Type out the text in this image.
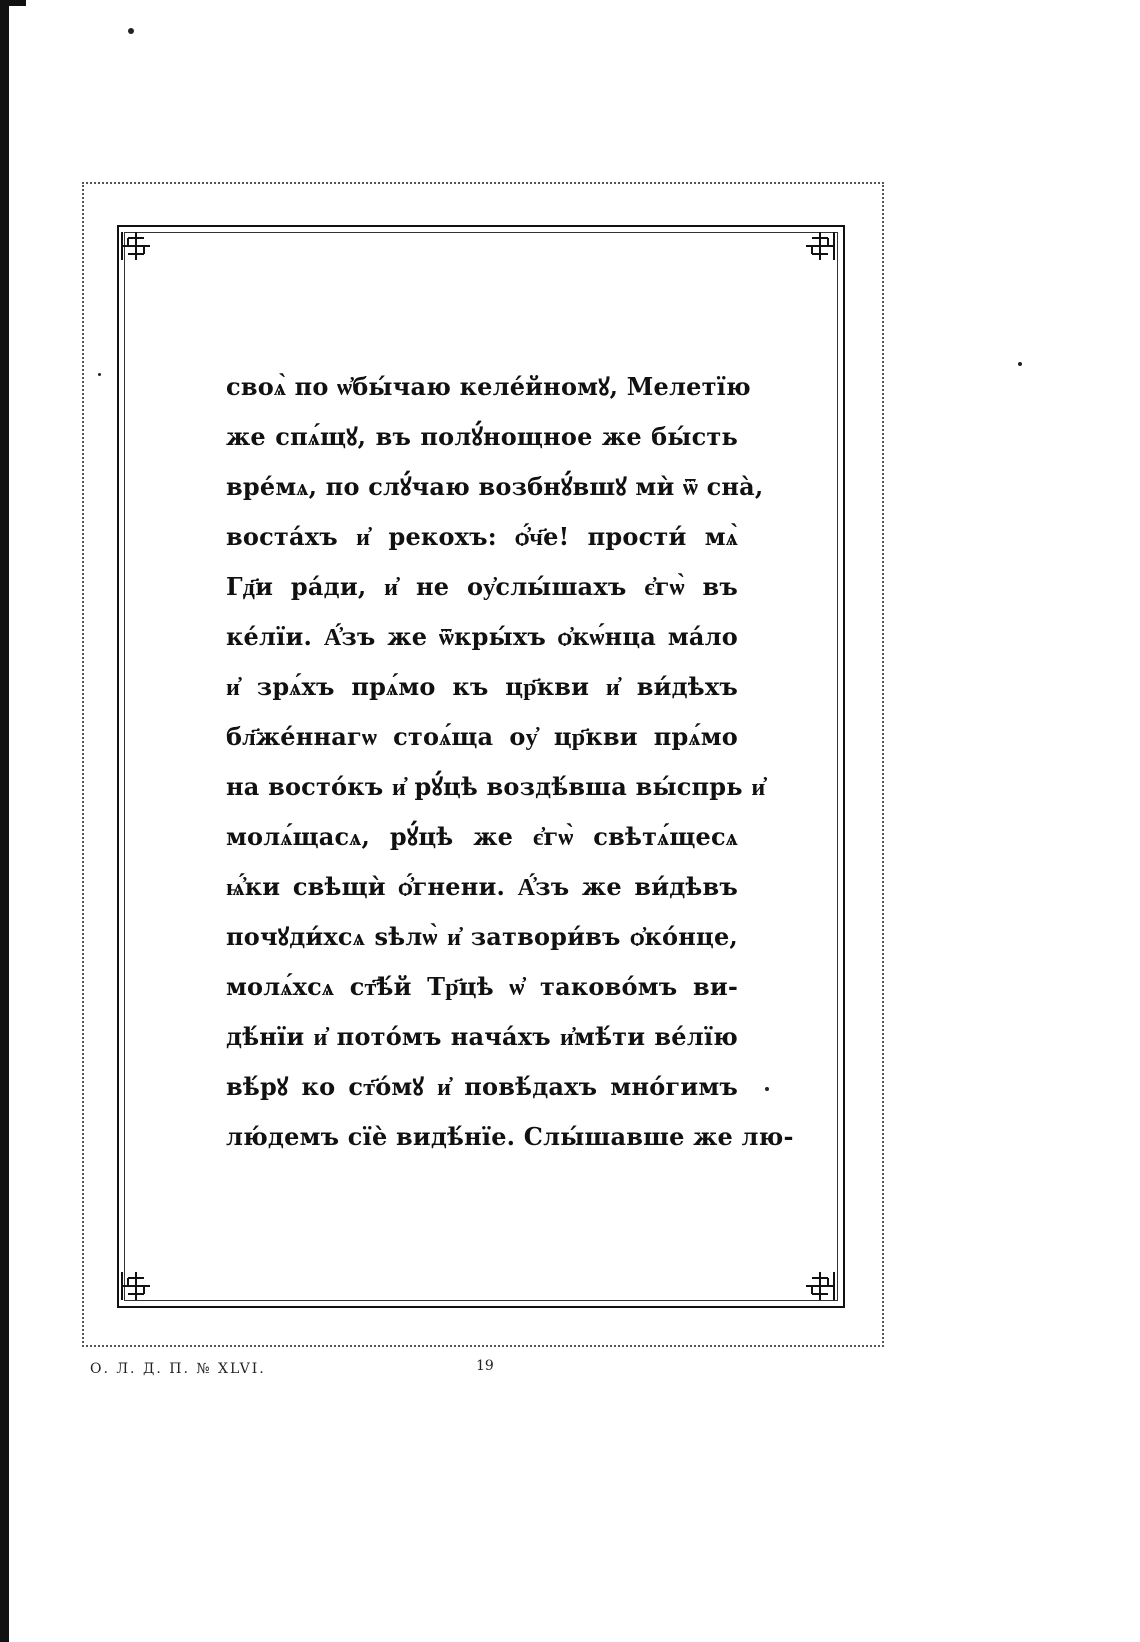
своѧ̀ по ѡ҆бы́чаю келе́йномꙋ, Мелетїю
же спѧ́щꙋ, въ полꙋ́нощное же бы́сть
вре́мѧ, по слꙋ́чаю возбнꙋ́вшꙋ мѝ ѿ сна̀,
воста́хъ и҆ рекохъ: ѻ҆́ч҃е! прости́ мѧ̀
Гд҃и ра́ди, и҆ не оу҆слы́шахъ є҆гѡ̀ въ
ке́лїи. А҆́зъ же ѿкры́хъ ѻ҆кѡ́нца ма́ло
и҆ зрѧ́хъ прѧ́мо къ цр҃кви и҆ ви́дѣхъ
бл҃же́ннагѡ стоѧ́ща оу҆ цр҃кви прѧ́мо
на восто́къ и҆ рꙋ́цѣ воздѣ́вша вы́спрь и҆
молѧ́щасѧ, рꙋ́цѣ же є҆гѡ̀ свѣтѧ́щесѧ
ѩ҆́ки свѣщѝ ѻ҆́гнени. А҆́зъ же ви́дѣвъ
почꙋди́хсѧ ѕѣлѡ̀ и҆ затвори́въ ѻ҆ко́нце,
молѧ́хсѧ ст҃ѣ́й Тр҃цѣ ѡ҆ таково́мъ ви-
дѣ́нїи и҆ пото́мъ нача́хъ и҆мѣ́ти ве́лїю
вѣ́рꙋ ко ст҃о́мꙋ и҆ повѣ́дахъ мно́гимъ
лю́демъ сїѐ видѣ́нїе. Слы́шавше же лю-
О. Л. Д. П. № XLVI.	19
